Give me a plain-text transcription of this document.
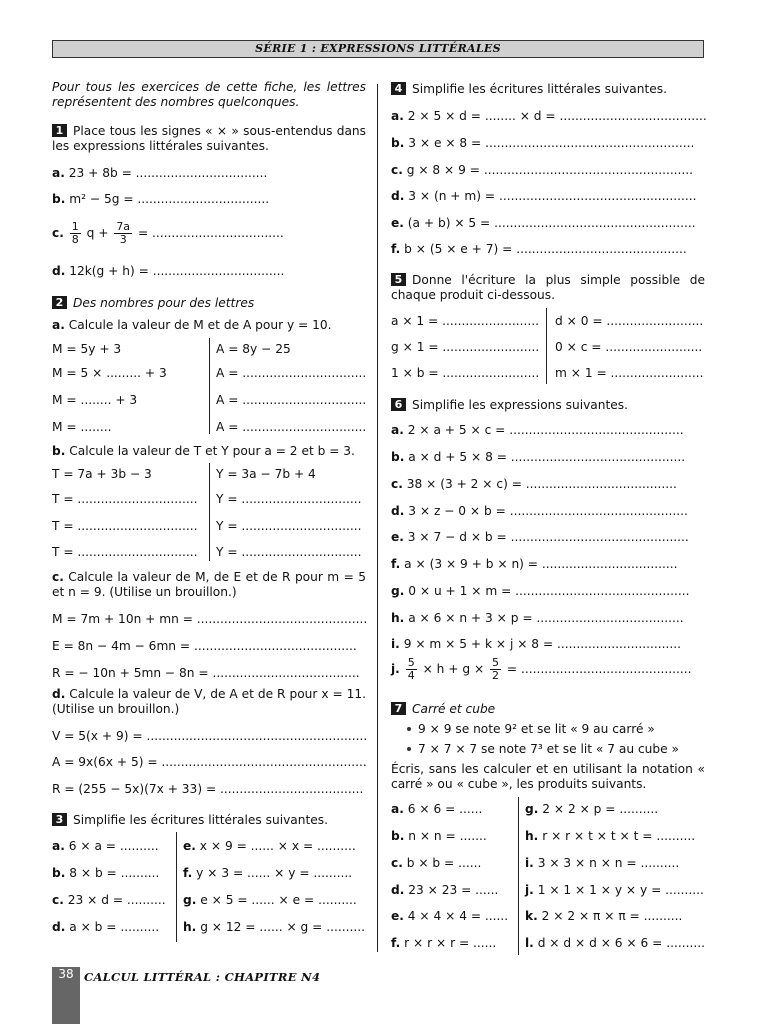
SÉRIE 1 : EXPRESSIONS LITTÉRALES
Pour tous les exercices de cette fiche, les lettres représentent des nombres quelconques.
1 Place tous les signes « × » sous-entendus dans les expressions littérales suivantes.
a. 23 + 8b = ..................................
b. m² − 5g = ..................................
c. $\frac{1}{8}$ $q + \frac{7a}{3}$ = ..................................
d. 12k(g + h) = ..................................
2 Des nombres pour des lettres
a. Calcule la valeur de M et de A pour y = 10.
M = 5y + 3	A = 8y − 25
M = 5 × ......... + 3	A = ................................
M = ........ + 3	A = ................................
M = ........	A = ................................
b. Calcule la valeur de T et Y pour a = 2 et b = 3.
T = 7a + 3b − 3	Y = 3a − 7b + 4
T = ............................... Y = ...............................
T = ............................... Y = ...............................
T = ............................... Y = ...............................
c. Calcule la valeur de M, de E et de R pour m = 5 et n = 9. (Utilise un brouillon.)
M = 7m + 10n + mn = ............................................
E = 8n − 4m − 6mn = ..........................................
R = − 10n + 5mn − 8n = ......................................
d. Calcule la valeur de V, de A et de R pour x = 11. (Utilise un brouillon.)
V = 5(x + 9) = .........................................................
A = 9x(6x + 5) = .....................................................
R = (255 − 5x)(7x + 33) = .....................................
3 Simplifie les écritures littérales suivantes.
a. 6 × a = .......... e. x × 9 = ...... × x = ..........
b. 8 × b = .......... f. y × 3 = ...... × y = ..........
c. 23 × d = .......... g. e × 5 = ...... × e = ..........
d. a × b = .......... h. g × 12 = ...... × g = ..........
4 Simplifie les écritures littérales suivantes.
a. 2 × 5 × d = ........ × d = ......................................
b. 3 × e × 8 = ......................................................
c. g × 8 × 9 = ......................................................
d. 3 × (n + m) = ...................................................
e. (a + b) × 5 = ....................................................
f. b × (5 × e + 7) = ............................................
5 Donne l'écriture la plus simple possible de chaque produit ci-dessous.
a × 1 = ......................... d × 0 = .........................
g × 1 = ......................... 0 × c = .........................
1 × b = ......................... m × 1 = ........................
6 Simplifie les expressions suivantes.
a. 2 × a + 5 × c = .............................................
b. a × d + 5 × 8 = .............................................
c. 38 × (3 + 2 × c) = .......................................
d. 3 × z − 0 × b = ..............................................
e. 3 × 7 − d × b = ..............................................
f. a × (3 × 9 + b × n) = ...................................
g. 0 × u + 1 × m = .............................................
h. a × 6 × n + 3 × p = ......................................
i. 9 × m × 5 + k × j × 8 = ................................
j. $\frac{5}{4} \times h + g \times \frac{5}{2}$ = ............................................
7 Carré et cube
9 × 9 se note 9² et se lit « 9 au carré »
7 × 7 × 7 se note 7³ et se lit « 7 au cube »
Écris, sans les calculer et en utilisant la notation « carré » ou « cube », les produits suivants.
a. 6 × 6 = ......	g. 2 × 2 × p = ..........
b. n × n = .......	h. r × r × t × t × t = ..........
c. b × b = ......	i. 3 × 3 × n × n = ..........
d. 23 × 23 = ...... j. 1 × 1 × 1 × y × y = ..........
e. 4 × 4 × 4 = ...... k. 2 × 2 × π × π = ..........
f. r × r × r = ...... l. d × d × d × 6 × 6 = ..........
38 CALCUL LITTÉRAL : CHAPITRE N4
